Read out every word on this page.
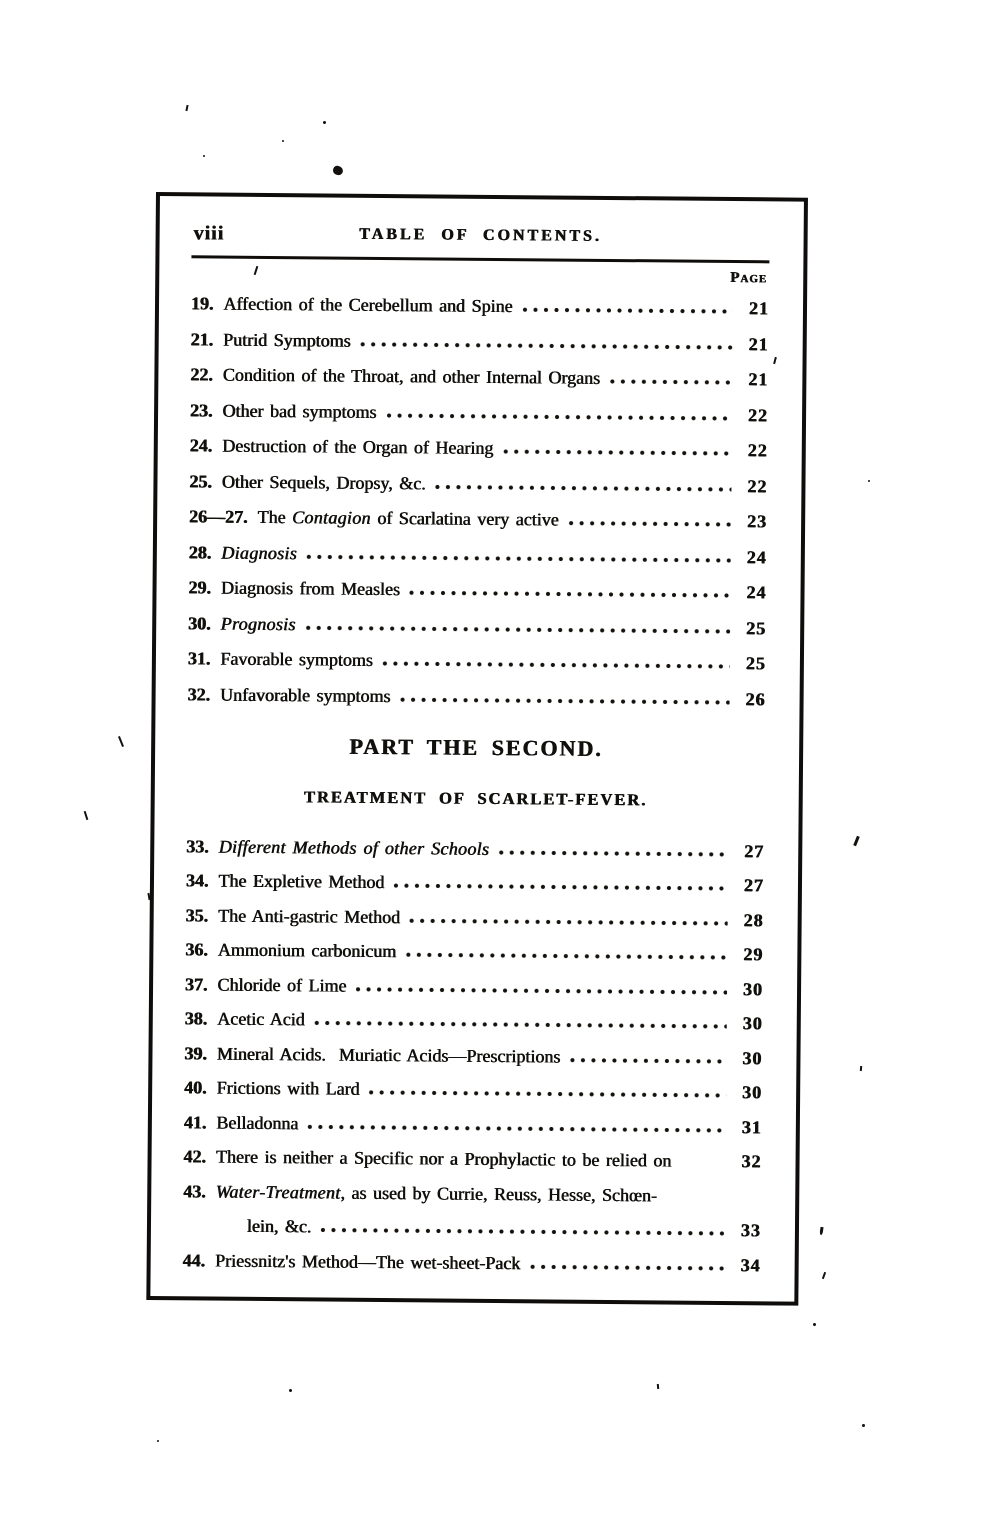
viii	TABLE OF CONTENTS.
Page
19. Affection of the Cerebellum and Spine	21
21. Putrid Symptoms	21
22. Condition of the Throat, and other Internal Organs	21
23. Other bad symptoms	22
24. Destruction of the Organ of Hearing	22
25. Other Sequels, Dropsy, &c.	22
26—27. The Contagion of Scarlatina very active	23
28. Diagnosis	24
29. Diagnosis from Measles	24
30. Prognosis	25
31. Favorable symptoms	25
32. Unfavorable symptoms	26
PART THE SECOND.
TREATMENT OF SCARLET-FEVER.
33. Different Methods of other Schools	27
34. The Expletive Method	27
35. The Anti-gastric Method	28
36. Ammonium carbonicum	29
37. Chloride of Lime	30
38. Acetic Acid	30
39. Mineral Acids.  Muriatic Acids—Prescriptions	30
40. Frictions with Lard	30
41. Belladonna	31
42. There is neither a Specific nor a Prophylactic to be relied on	32
43. Water-Treatment, as used by Currie, Reuss, Hesse, Schœn-
lein, &c.	33
44. Priessnitz's Method—The wet-sheet-Pack	34
